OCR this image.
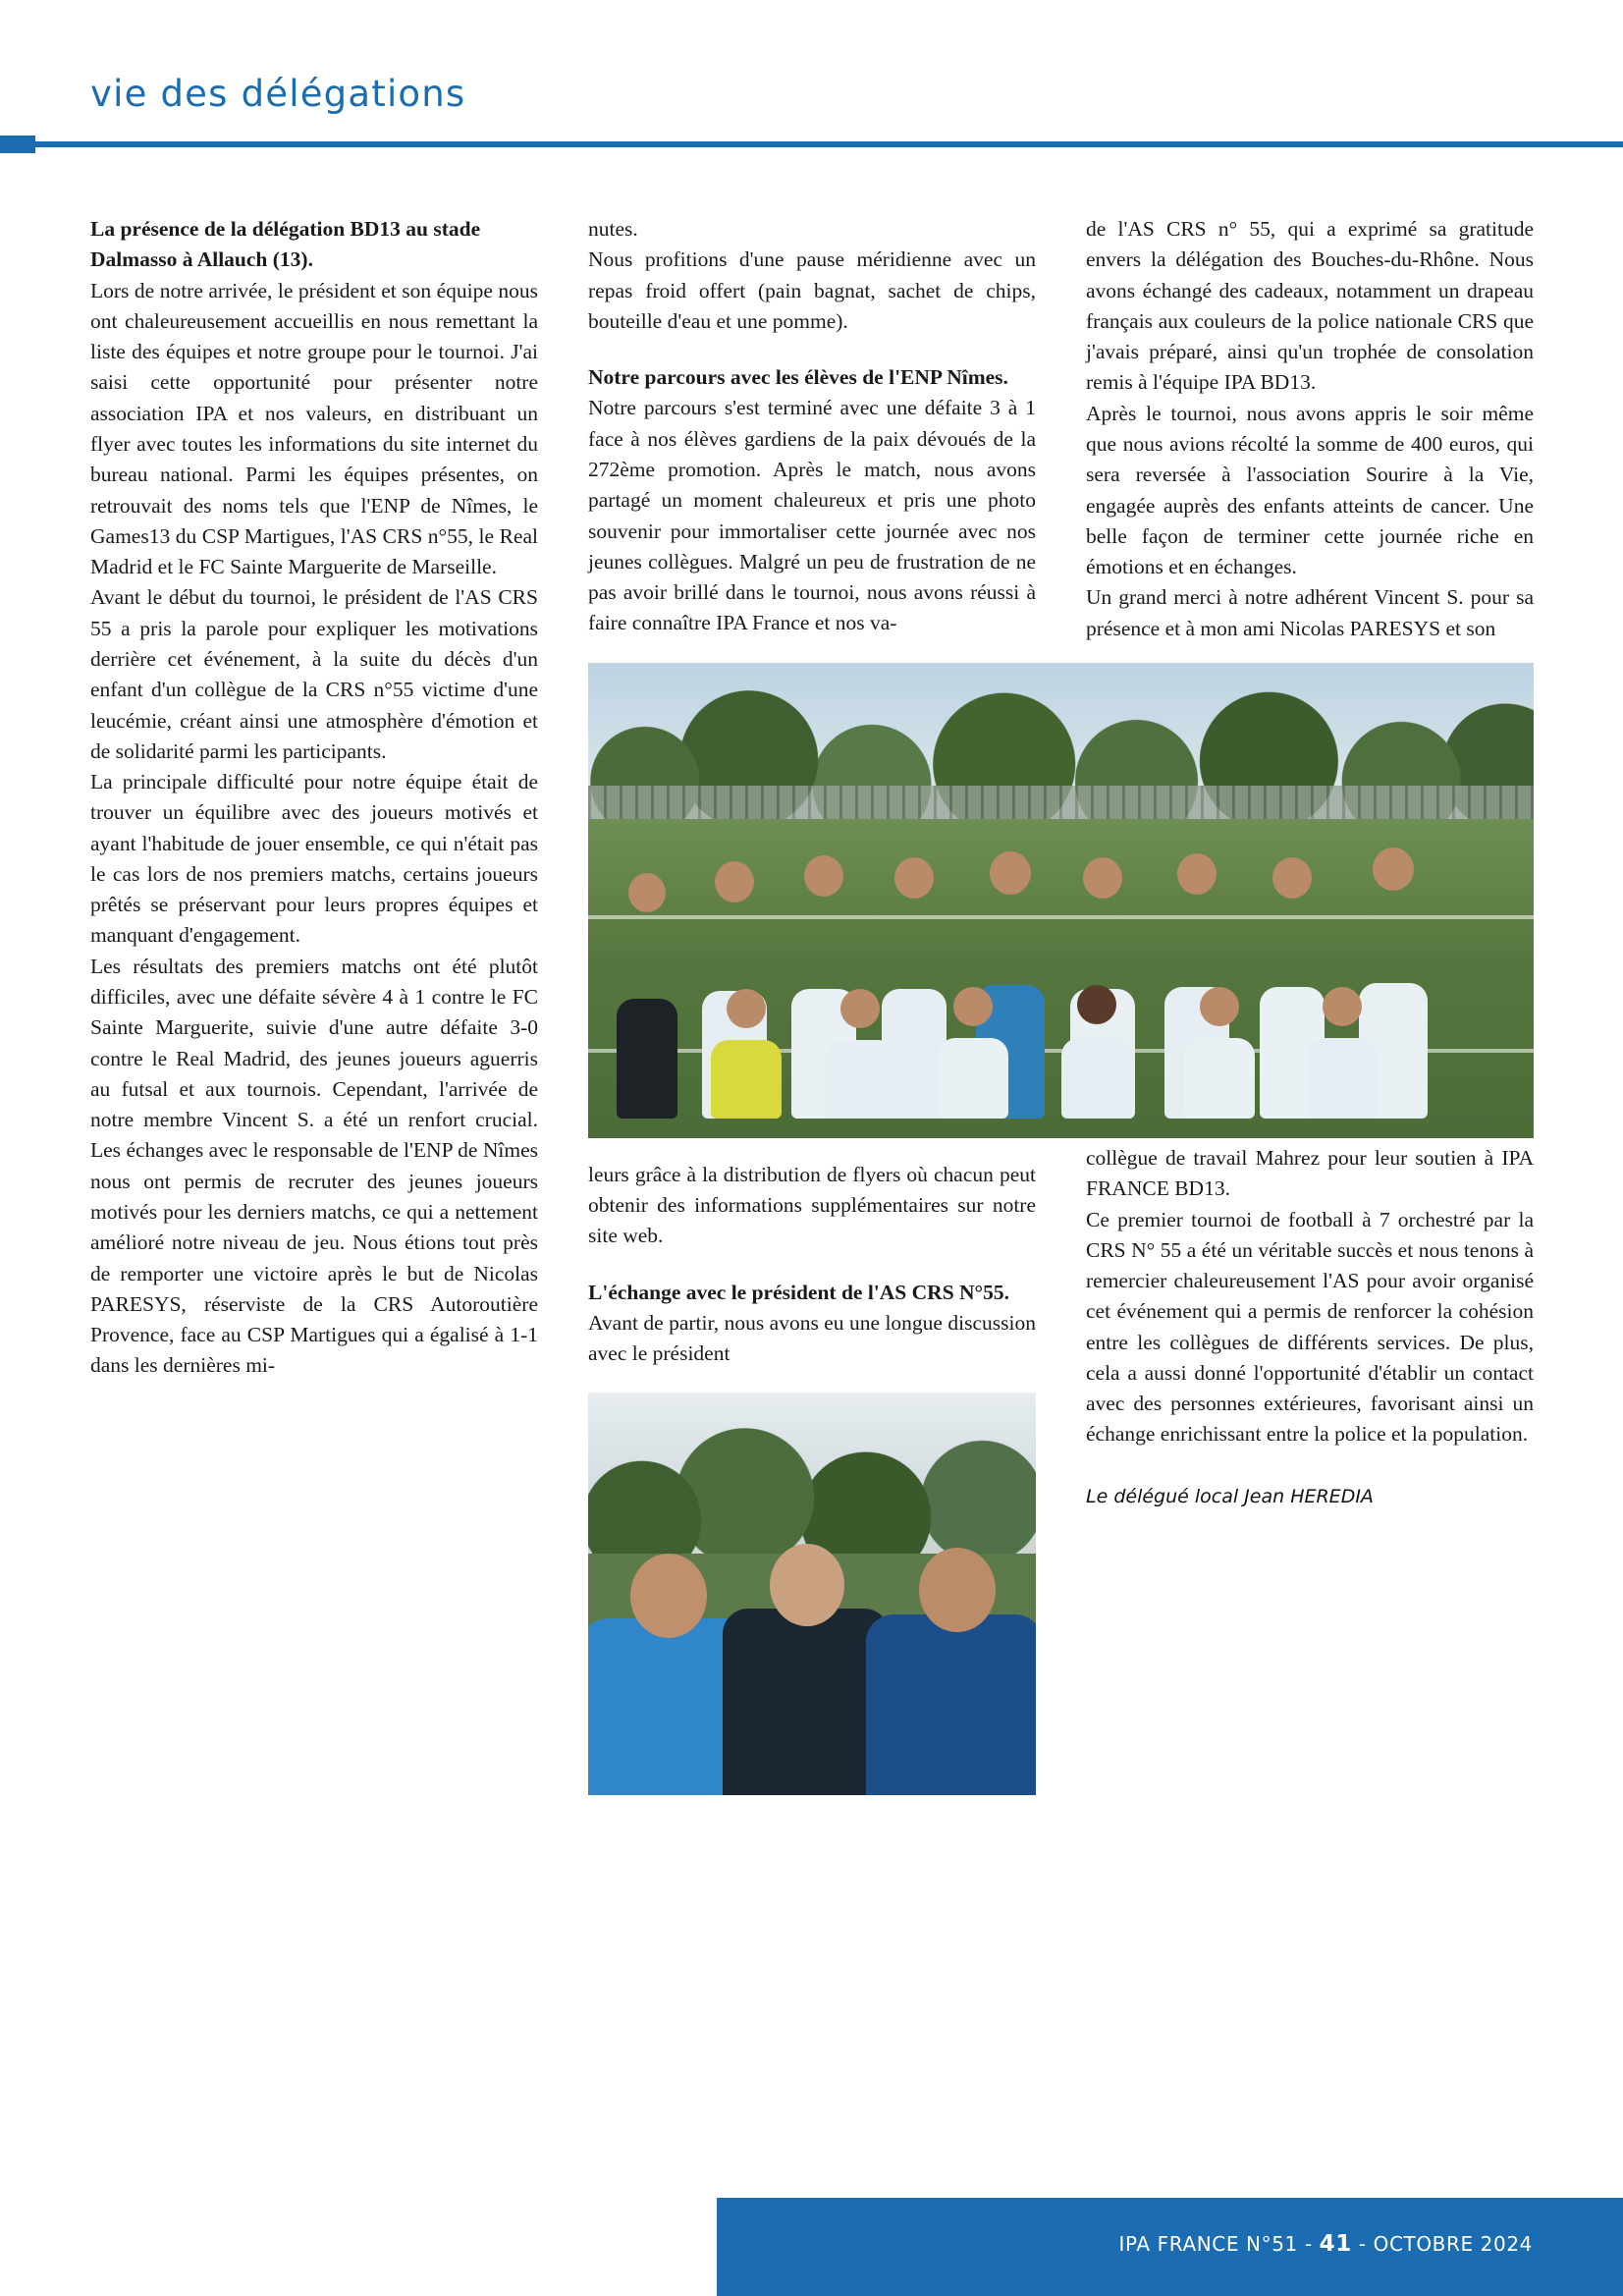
vie des délégations
La présence de la délégation BD13 au stade Dalmasso à Allauch (13).

Lors de notre arrivée, le président et son équipe nous ont chaleureusement accueillis en nous remettant la liste des équipes et notre groupe pour le tournoi. J'ai saisi cette opportunité pour présenter notre association IPA et nos valeurs, en distribuant un flyer avec toutes les informations du site internet du bureau national. Parmi les équipes présentes, on retrouvait des noms tels que l'ENP de Nîmes, le Games13 du CSP Martigues, l'AS CRS n°55, le Real Madrid et le FC Sainte Marguerite de Marseille.

Avant le début du tournoi, le président de l'AS CRS 55 a pris la parole pour expliquer les motivations derrière cet événement, à la suite du décès d'un enfant d'un collègue de la CRS n°55 victime d'une leucémie, créant ainsi une atmosphère d'émotion et de solidarité parmi les participants.

La principale difficulté pour notre équipe était de trouver un équilibre avec des joueurs motivés et ayant l'habitude de jouer ensemble, ce qui n'était pas le cas lors de nos premiers matchs, certains joueurs prêtés se préservant pour leurs propres équipes et manquant d'engagement.

Les résultats des premiers matchs ont été plutôt difficiles, avec une défaite sévère 4 à 1 contre le FC Sainte Marguerite, suivie d'une autre défaite 3-0 contre le Real Madrid, des jeunes joueurs aguerris au futsal et aux tournois. Cependant, l'arrivée de notre membre Vincent S. a été un renfort crucial. Les échanges avec le responsable de l'ENP de Nîmes nous ont permis de recruter des jeunes joueurs motivés pour les derniers matchs, ce qui a nettement amélioré notre niveau de jeu. Nous étions tout près de remporter une victoire après le but de Nicolas PARESYS, réserviste de la CRS Autoroutière Provence, face au CSP Martigues qui a égalisé à 1-1 dans les dernières mi-

nutes.

Nous profitions d'une pause méridienne avec un repas froid offert (pain bagnat, sachet de chips, bouteille d'eau et une pomme).

Notre parcours avec les élèves de l'ENP Nîmes.

Notre parcours s'est terminé avec une défaite 3 à 1 face à nos élèves gardiens de la paix dévoués de la 272ème promotion. Après le match, nous avons partagé un moment chaleureux et pris une photo souvenir pour immortaliser cette journée avec nos jeunes collègues. Malgré un peu de frustration de ne pas avoir brillé dans le tournoi, nous avons réussi à faire connaître IPA France et nos va-

leurs grâce à la distribution de flyers où chacun peut obtenir des informations supplémentaires sur notre site web.

L'échange avec le président de l'AS CRS N°55.

Avant de partir, nous avons eu une longue discussion avec le président

de l'AS CRS n° 55, qui a exprimé sa gratitude envers la délégation des Bouches-du-Rhône. Nous avons échangé des cadeaux, notamment un drapeau français aux couleurs de la police nationale CRS que j'avais préparé, ainsi qu'un trophée de consolation remis à l'équipe IPA BD13.

Après le tournoi, nous avons appris le soir même que nous avions récolté la somme de 400 euros, qui sera reversée à l'association Sourire à la Vie, engagée auprès des enfants atteints de cancer. Une belle façon de terminer cette journée riche en émotions et en échanges.

Un grand merci à notre adhérent Vincent S. pour sa présence et à mon ami Nicolas PARESYS et son

collègue de travail Mahrez pour leur soutien à IPA FRANCE BD13.

Ce premier tournoi de football à 7 orchestré par la CRS N° 55 a été un véritable succès et nous tenons à remercier chaleureusement l'AS pour avoir organisé cet événement qui a permis de renforcer la cohésion entre les collègues de différents services. De plus, cela a aussi donné l'opportunité d'établir un contact avec des personnes extérieures, favorisant ainsi un échange enrichissant entre la police et la population.

Le délégué local Jean HEREDIA
IPA FRANCE N°51 - 41 - OCTOBRE 2024
